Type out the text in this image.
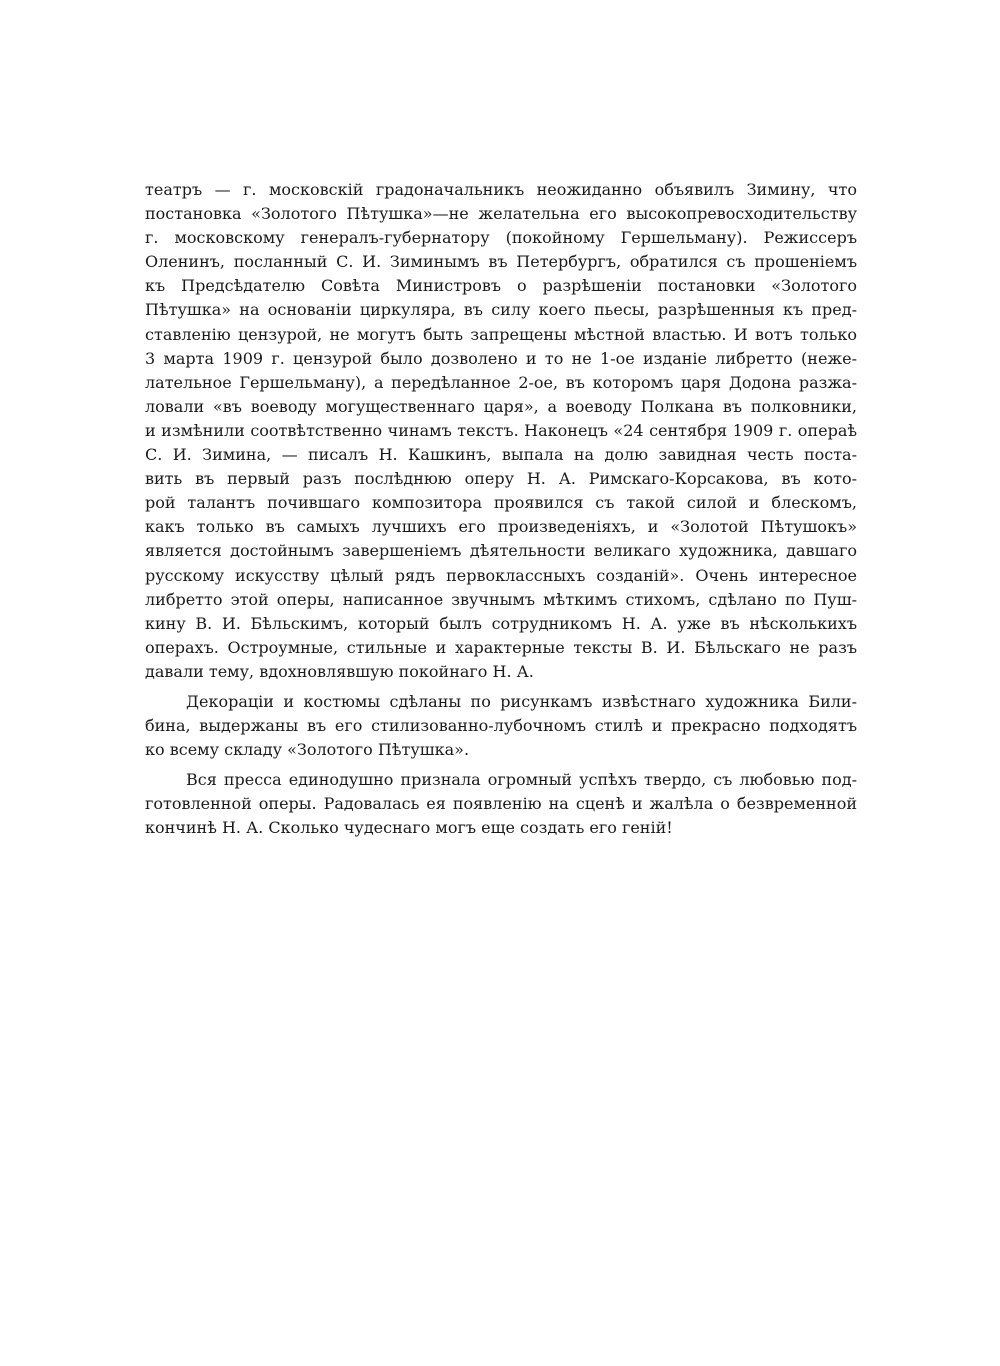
театръ — г. московскій градоначальникъ неожиданно объявилъ Зимину, что
постановка «Золотого Пѣтушка»—не желательна его высокопревосходительству
г. московскому генералъ-губернатору (покойному Гершельману). Режиссеръ
Оленинъ, посланный С. И. Зиминымъ въ Петербургъ, обратился съ прошеніемъ
къ Предсѣдателю Совѣта Министровъ о разрѣшеніи постановки «Золотого
Пѣтушка» на основаніи циркуляра, въ силу коего пьесы, разрѣшенныя къ пред-
ставленію цензурой, не могутъ быть запрещены мѣстной властью. И вотъ только
3 марта 1909 г. цензурой было дозволено и то не 1-ое изданіе либретто (неже-
лательное Гершельману), а передѣланное 2-ое, въ которомъ царя Додона разжа-
ловали «въ воеводу могущественнаго царя», а воеводу Полкана въ полковники,
и измѣнили соотвѣтственно чинамъ текстъ. Наконецъ «24 сентября 1909 г. операѣ
С. И. Зимина, — писалъ Н. Кашкинъ, выпала на долю завидная честь поста-
вить въ первый разъ послѣднюю оперу Н. А. Римскаго-Корсакова, въ кото-
рой талантъ почившаго композитора проявился съ такой силой и блескомъ,
какъ только въ самыхъ лучшихъ его произведеніяхъ, и «Золотой Пѣтушокъ»
является достойнымъ завершеніемъ дѣятельности великаго художника, давшаго
русскому искусству цѣлый рядъ первоклассныхъ созданій». Очень интересное
либретто этой оперы, написанное звучнымъ мѣткимъ стихомъ, сдѣлано по Пуш-
кину В. И. Бѣльскимъ, который былъ сотрудникомъ Н. А. уже въ нѣсколькихъ
операхъ. Остроумные, стильные и характерные тексты В. И. Бѣльскаго не разъ
давали тему, вдохновлявшую покойнаго Н. А.
Декораціи и костюмы сдѣланы по рисункамъ извѣстнаго художника Били-
бина, выдержаны въ его стилизованно-лубочномъ стилѣ и прекрасно подходятъ
ко всему складу «Золотого Пѣтушка».
Вся пресса единодушно признала огромный успѣхъ твердо, съ любовью под-
готовленной оперы. Радовалась ея появленію на сценѣ и жалѣла о безвременной
кончинѣ Н. А. Сколько чудеснаго могъ еще создать его геній!
